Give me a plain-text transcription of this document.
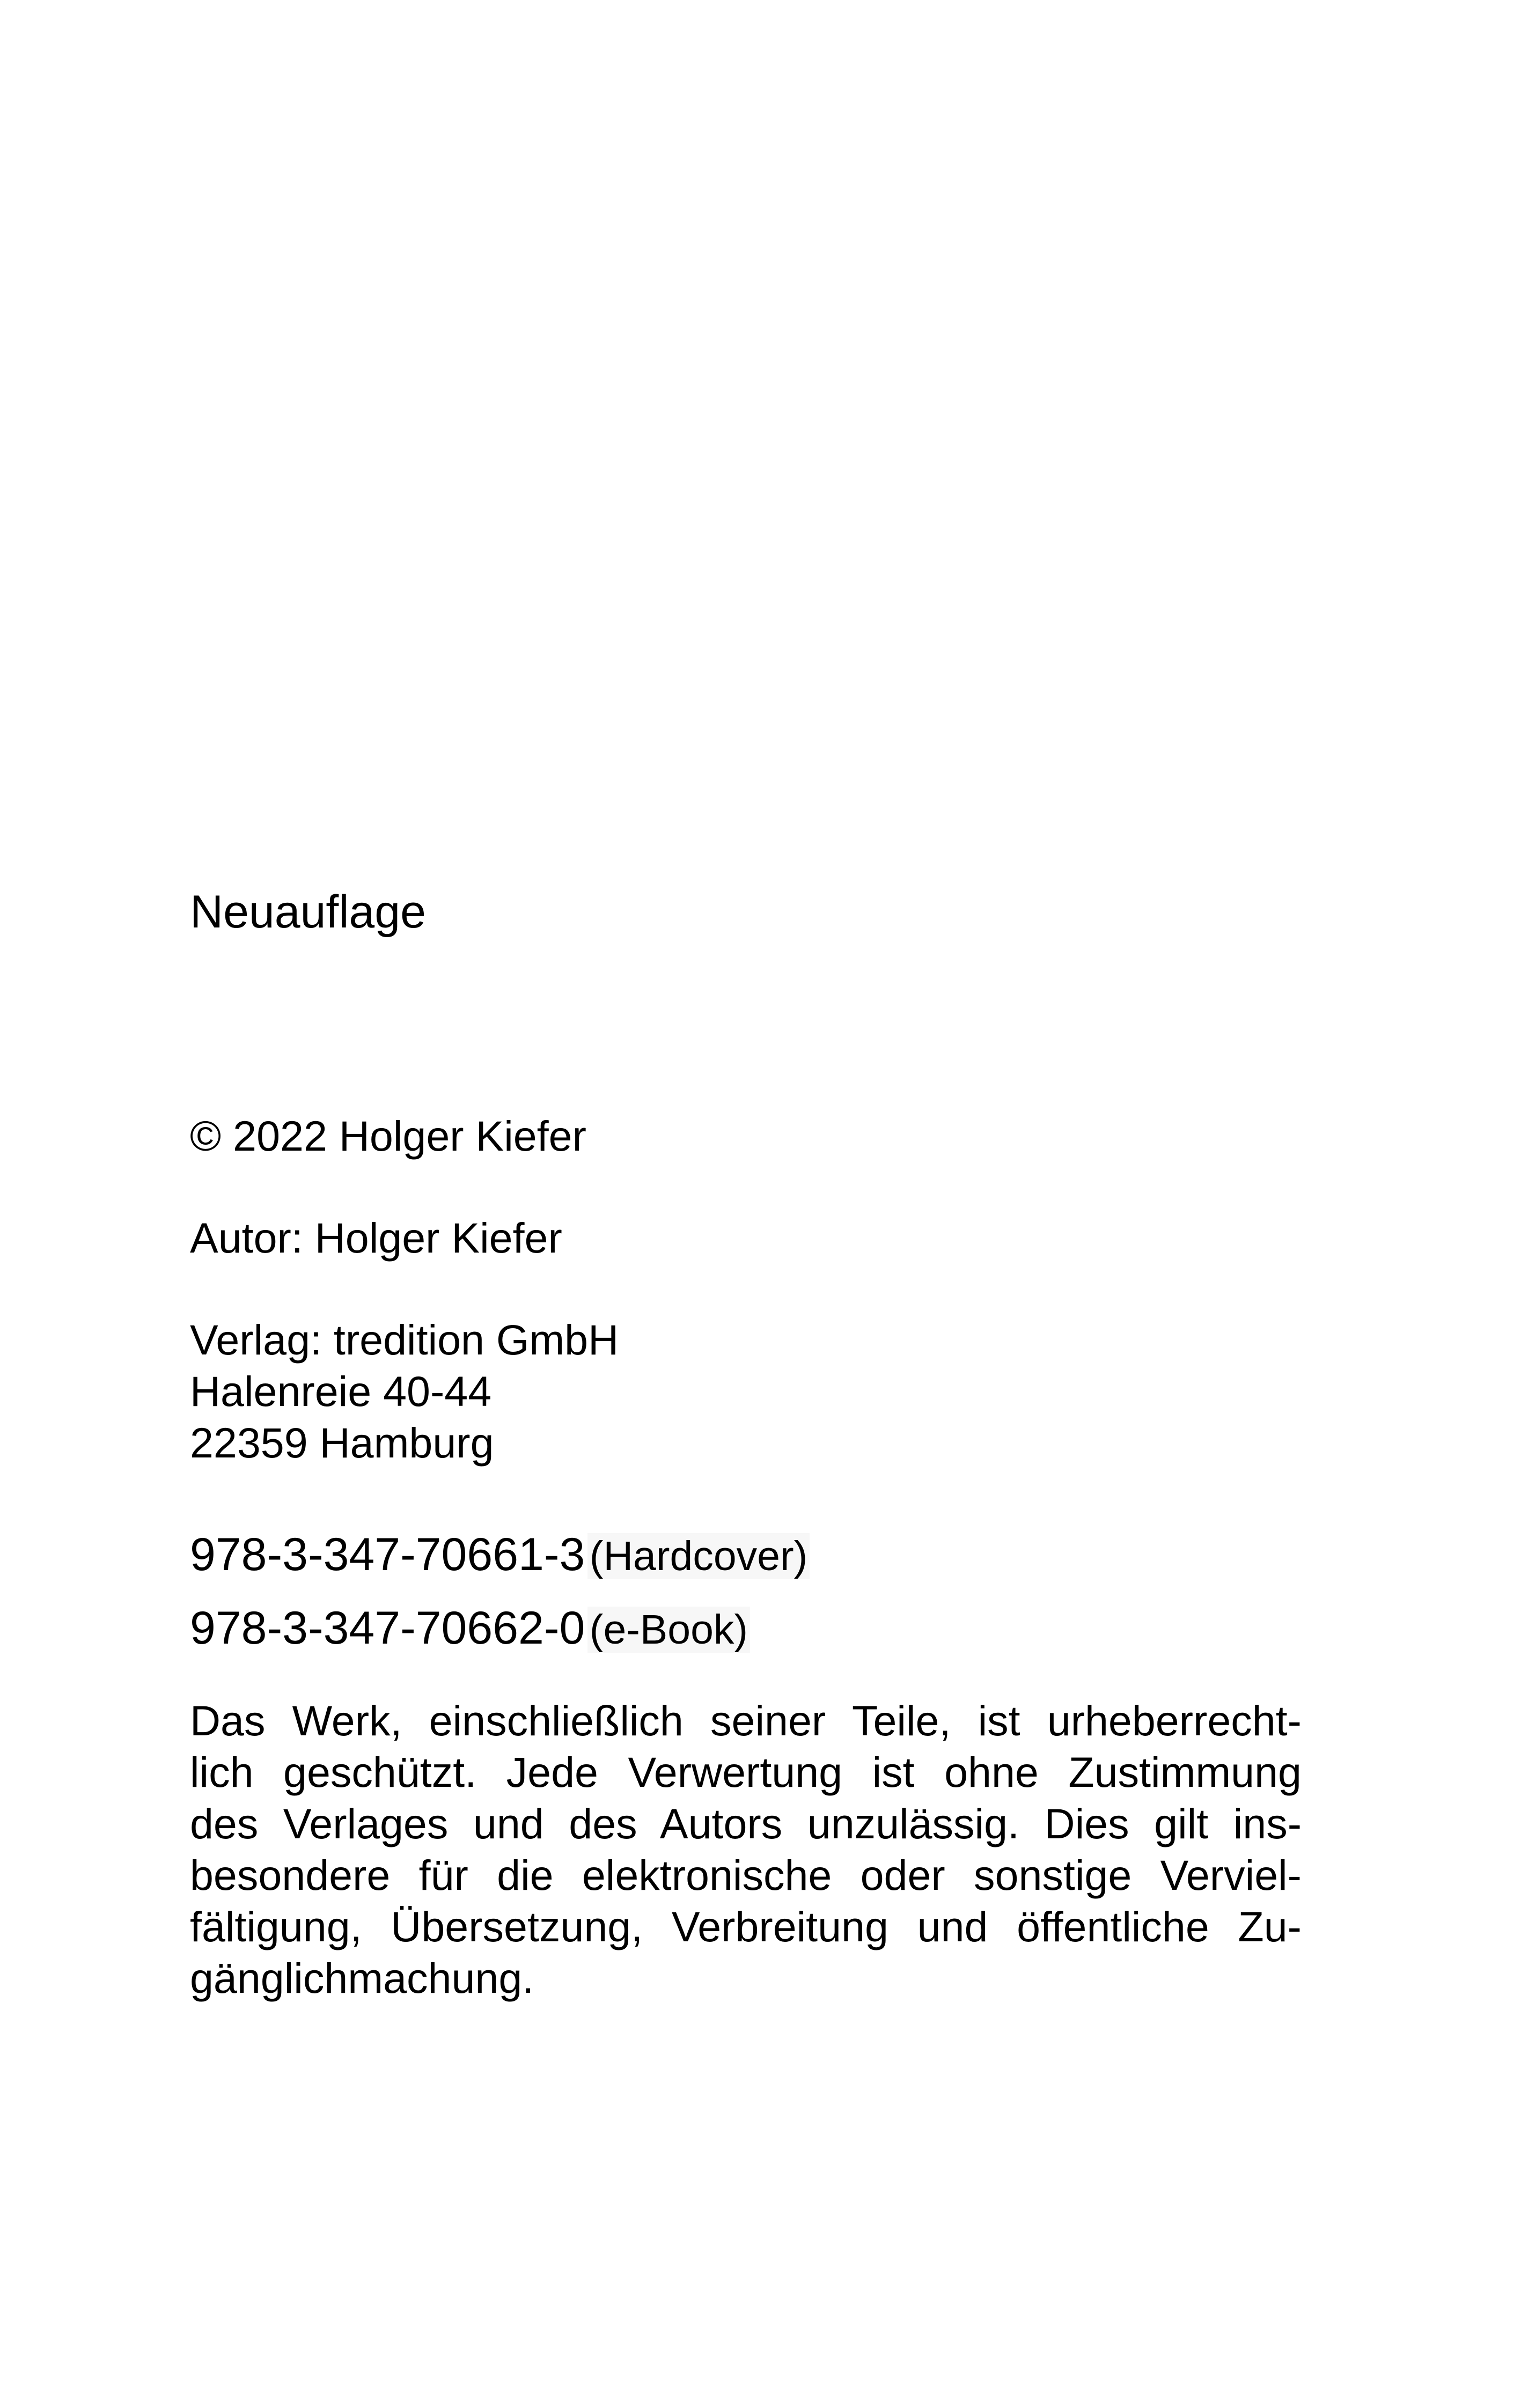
Neuauflage

© 2022 Holger Kiefer

Autor: Holger Kiefer

Verlag: tredition GmbH
Halenreie 40-44
22359 Hamburg
978-3-347-70661-3 (Hardcover)
978-3-347-70662-0 (e-Book)
Das Werk, einschließlich seiner Teile, ist urheberrecht-
lich geschützt. Jede Verwertung ist ohne Zustimmung
des Verlages und des Autors unzulässig. Dies gilt ins-
besondere für die elektronische oder sonstige Verviel-
fältigung, Übersetzung, Verbreitung und öffentliche Zu-
gänglichmachung.
